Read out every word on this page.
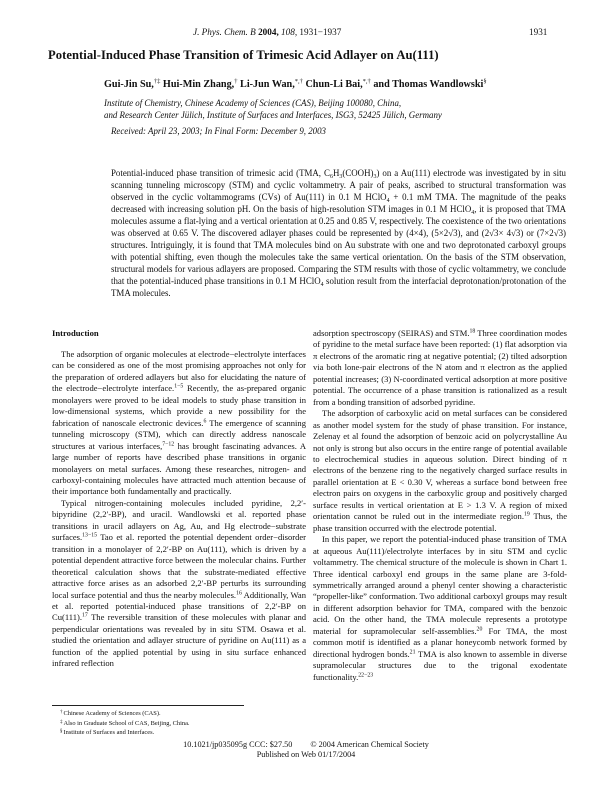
J. Phys. Chem. B 2004, 108, 1931−1937	1931
Potential-Induced Phase Transition of Trimesic Acid Adlayer on Au(111)
Gui-Jin Su,†‡ Hui-Min Zhang,† Li-Jun Wan,*,† Chun-Li Bai,*,† and Thomas Wandlowski§
Institute of Chemistry, Chinese Academy of Sciences (CAS), Beijing 100080, China,
and Research Center Jülich, Institute of Surfaces and Interfaces, ISG3, 52425 Jülich, Germany
Received: April 23, 2003; In Final Form: December 9, 2003

Potential-induced phase transition of trimesic acid (TMA, $C_6H_3(COOH)_3$) on a Au(111) electrode was investigated by in situ scanning tunneling microscopy (STM) and cyclic voltammetry. A pair of peaks, ascribed to structural transformation was observed in the cyclic voltammograms (CVs) of Au(111) in 0.1 M HClO$_4$ + 0.1 mM TMA. The magnitude of the peaks decreased with increasing solution pH. On the basis of high-resolution STM images in 0.1 M HClO$_4$, it is proposed that TMA molecules assume a flat-lying and a vertical orientation at 0.25 and 0.85 V, respectively. The coexistence of the two orientations was observed at 0.65 V. The discovered adlayer phases could be represented by (4×4), (5×2√3), and (2√3× 4√3) or (7×2√3) structures. Intriguingly, it is found that TMA molecules bind on Au substrate with one and two deprotonated carboxyl groups with potential shifting, even though the molecules take the same vertical orientation. On the basis of the STM observation, structural models for various adlayers are proposed. Comparing the STM results with those of cyclic voltammetry, we conclude that the potential-induced phase transitions in 0.1 M HClO$_4$ solution result from the interfacial deprotonation/protonation of the TMA molecules.

Introduction

The adsorption of organic molecules at electrode−electrolyte interfaces can be considered as one of the most promising approaches not only for the preparation of ordered adlayers but also for elucidating the nature of the electrode−electrolyte interface.$^{1-5}$ Recently, the as-prepared organic monolayers were proved to be ideal models to study phase transition in low-dimensional systems, which provide a new possibility for the fabrication of nanoscale electronic devices.$^6$ The emergence of scanning tunneling microscopy (STM), which can directly address nanoscale structures at various interfaces,$^{7-12}$ has brought fascinating advances. A large number of reports have described phase transitions in organic monolayers on metal surfaces. Among these researches, nitrogen- and carboxyl-containing molecules have attracted much attention because of their importance both fundamentally and practically.

Typical nitrogen-containing molecules included pyridine, 2,2′-bipyridine (2,2′-BP), and uracil. Wandlowski et al. reported phase transitions in uracil adlayers on Ag, Au, and Hg electrode−substrate surfaces.$^{13-15}$ Tao et al. reported the potential dependent order−disorder transition in a monolayer of 2,2′-BP on Au(111), which is driven by a potential dependent attractive force between the molecular chains. Further theoretical calculation shows that the substrate-mediated effective attractive force arises as an adsorbed 2,2′-BP perturbs its surrounding local surface potential and thus the nearby molecules.$^{16}$ Additionally, Wan et al. reported potential-induced phase transitions of 2,2′-BP on Cu(111).$^{17}$ The reversible transition of these molecules with planar and perpendicular orientations was revealed by in situ STM. Osawa et al. studied the orientation and adlayer structure of pyridine on Au(111) as a function of the applied potential by using in situ surface enhanced infrared reflection

adsorption spectroscopy (SEIRAS) and STM.$^{18}$ Three coordination modes of pyridine to the metal surface have been reported: (1) flat adsorption via π electrons of the aromatic ring at negative potential; (2) tilted adsorption via both lone-pair electrons of the N atom and π electron as the applied potential increases; (3) N-coordinated vertical adsorption at more positive potential. The occurrence of a phase transition is rationalized as a result from a bonding transition of adsorbed pyridine.

The adsorption of carboxylic acid on metal surfaces can be considered as another model system for the study of phase transition. For instance, Zelenay et al found the adsorption of benzoic acid on polycrystalline Au not only is strong but also occurs in the entire range of potential available to electrochemical studies in aqueous solution. Direct binding of π electrons of the benzene ring to the negatively charged surface results in parallel orientation at E < 0.30 V, whereas a surface bond between free electron pairs on oxygens in the carboxylic group and positively charged surface results in vertical orientation at E > 1.3 V. A region of mixed orientation cannot be ruled out in the intermediate region.$^{19}$ Thus, the phase transition occurred with the electrode potential.

In this paper, we report the potential-induced phase transition of TMA at aqueous Au(111)/electrolyte interfaces by in situ STM and cyclic voltammetry. The chemical structure of the molecule is shown in Chart 1. Three identical carboxyl end groups in the same plane are 3-fold-symmetrically arranged around a phenyl center showing a characteristic “propeller-like” conformation. Two additional carboxyl groups may result in different adsorption behavior for TMA, compared with the benzoic acid. On the other hand, the TMA molecule represents a prototype material for supramolecular self-assemblies.$^{20}$ For TMA, the most common motif is identified as a planar honeycomb network formed by directional hydrogen bonds.$^{21}$ TMA is also known to assemble in diverse supramolecular structures due to the trigonal exodentate functionality.$^{22-23}$

†Chinese Academy of Sciences (CAS).
‡Also in Graduate School of CAS, Beijing, China.
§Institute of Surfaces and Interfaces.
10.1021/jp035095g CCC: $27.50 © 2004 American Chemical Society
Published on Web 01/17/2004
